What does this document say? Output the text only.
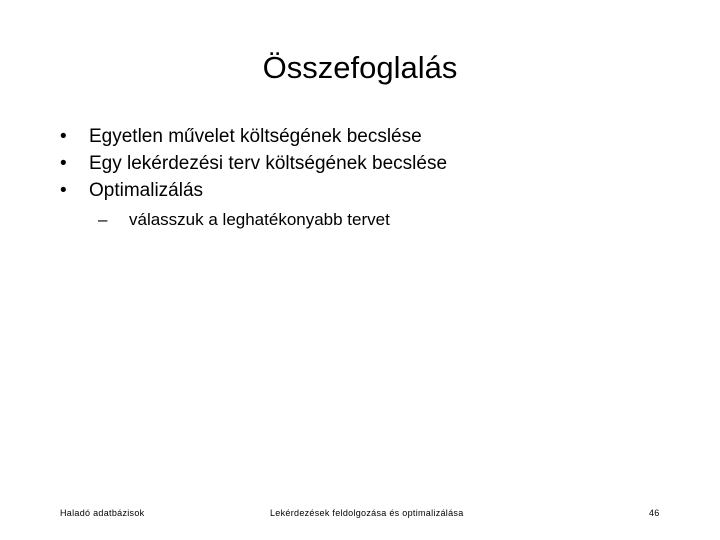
Összefoglalás
• Egyetlen művelet költségének becslése
• Egy lekérdezési terv költségének becslése
• Optimalizálás
– válasszuk a leghatékonyabb tervet
Haladó adatbázisok	Lekérdezések feldolgozása és optimalizálása	46
